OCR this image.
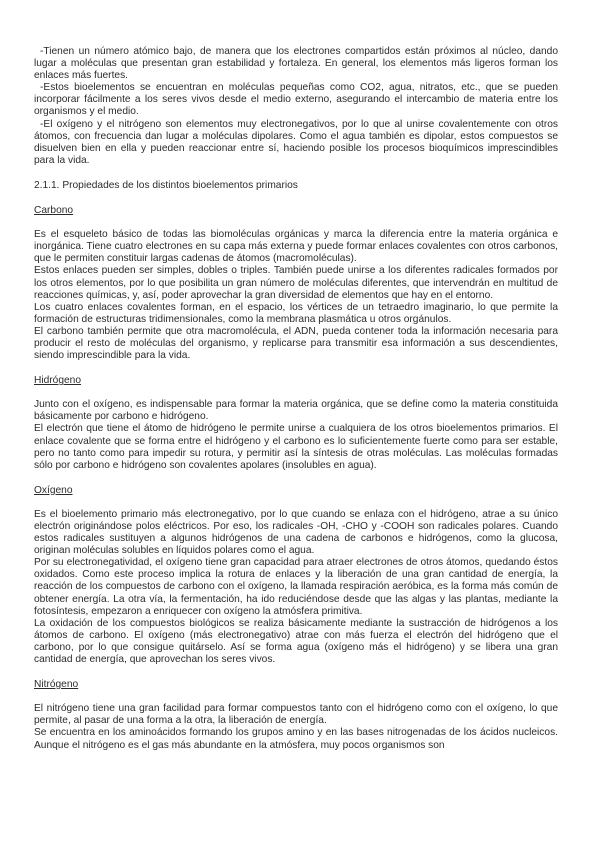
-Tienen un número atómico bajo, de manera que los electrones compartidos están próximos al núcleo, dando lugar a moléculas que presentan gran estabilidad y fortaleza. En general, los elementos más ligeros forman los enlaces más fuertes.

-Estos bioelementos se encuentran en moléculas pequeñas como CO2, agua, nitratos, etc., que se pueden incorporar fácilmente a los seres vivos desde el medio externo, asegurando el intercambio de materia entre los organismos y el medio.

-El oxígeno y el nitrógeno son elementos muy electronegativos, por lo que al unirse covalentemente con otros átomos, con frecuencia dan lugar a moléculas dipolares. Como el agua también es dipolar, estos compuestos se disuelven bien en ella y pueden reaccionar entre sí, haciendo posible los procesos bioquímicos imprescindibles para la vida.

2.1.1. Propiedades de los distintos bioelementos primarios

Carbono

Es el esqueleto básico de todas las biomoléculas orgánicas y marca la diferencia entre la materia orgánica e inorgánica. Tiene cuatro electrones en su capa más externa y puede formar enlaces covalentes con otros carbonos, que le permiten constituir largas cadenas de átomos (macromoléculas).

Estos enlaces pueden ser simples, dobles o triples. También puede unirse a los diferentes radicales formados por los otros elementos, por lo que posibilita un gran número de moléculas diferentes, que intervendrán en multitud de reacciones químicas, y, así, poder aprovechar la gran diversidad de elementos que hay en el entorno.

Los cuatro enlaces covalentes forman, en el espacio, los vértices de un tetraedro imaginario, lo que permite la formación de estructuras tridimensionales, como la membrana plasmática u otros orgánulos.

El carbono también permite que otra macromolécula, el ADN, pueda contener toda la información necesaria para producir el resto de moléculas del organismo, y replicarse para transmitir esa información a sus descendientes, siendo imprescindible para la vida.

Hidrógeno

Junto con el oxígeno, es indispensable para formar la materia orgánica, que se define como la materia constituida básicamente por carbono e hidrógeno.

El electrón que tiene el átomo de hidrógeno le permite unirse a cualquiera de los otros bioelementos primarios. El enlace covalente que se forma entre el hidrógeno y el carbono es lo suficientemente fuerte como para ser estable, pero no tanto como para impedir su rotura, y permitir así la síntesis de otras moléculas. Las moléculas formadas sólo por carbono e hidrógeno son covalentes apolares (insolubles en agua).

Oxígeno

Es el bioelemento primario más electronegativo, por lo que cuando se enlaza con el hidrógeno, atrae a su único electrón originándose polos eléctricos. Por eso, los radicales -OH, -CHO y -COOH son radicales polares. Cuando estos radicales sustituyen a algunos hidrógenos de una cadena de carbonos e hidrógenos, como la glucosa, originan moléculas solubles en líquidos polares como el agua.

Por su electronegatividad, el oxígeno tiene gran capacidad para atraer electrones de otros átomos, quedando éstos oxidados. Como este proceso implica la rotura de enlaces y la liberación de una gran cantidad de energía, la reacción de los compuestos de carbono con el oxígeno, la llamada respiración aeróbica, es la forma más común de obtener energía. La otra vía, la fermentación, ha ido reduciéndose desde que las algas y las plantas, mediante la fotosíntesis, empezaron a enriquecer con oxígeno la atmósfera primitiva.

La oxidación de los compuestos biológicos se realiza básicamente mediante la sustracción de hidrógenos a los átomos de carbono. El oxígeno (más electronegativo) atrae con más fuerza el electrón del hidrógeno que el carbono, por lo que consigue quitárselo. Así se forma agua (oxígeno más el hidrógeno) y se libera una gran cantidad de energía, que aprovechan los seres vivos.

Nitrógeno

El nitrógeno tiene una gran facilidad para formar compuestos tanto con el hidrógeno como con el oxígeno, lo que permite, al pasar de una forma a la otra, la liberación de energía.

Se encuentra en los aminoácidos formando los grupos amino y en las bases nitrogenadas de los ácidos nucleicos. Aunque el nitrógeno es el gas más abundante en la atmósfera, muy pocos organismos son
